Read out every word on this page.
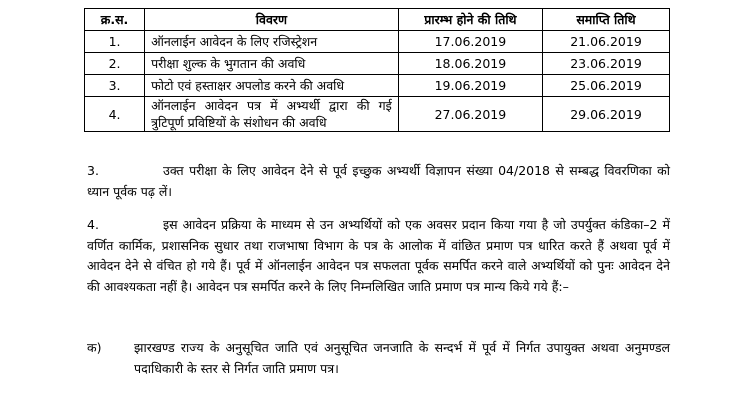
क्र.स.	विवरण	प्रारम्भ होने की तिथि	समाप्ति तिथि
1.	ऑनलाईन आवेदन के लिए रजिस्ट्रेशन	17.06.2019	21.06.2019
2.	परीक्षा शुल्क के भुगतान की अवधि	18.06.2019	23.06.2019
3.	फोटो एवं हस्ताक्षर अपलोड करने की अवधि	19.06.2019	25.06.2019
4.	ऑनलाईन आवेदन पत्र में अभ्यर्थी द्वारा की गई त्रुटिपूर्ण प्रविष्टियों के संशोधन की अवधि	27.06.2019	29.06.2019

3.	उक्त परीक्षा के लिए आवेदन देने से पूर्व इच्छुक अभ्यर्थी विज्ञापन संख्या 04/2018 से सम्बद्ध विवरणिका को ध्यान पूर्वक पढ़ लें।

4.	इस आवेदन प्रक्रिया के माध्यम से उन अभ्यर्थियों को एक अवसर प्रदान किया गया है जो उपर्युक्त कंडिका–2 में वर्णित कार्मिक, प्रशासनिक सुधार तथा राजभाषा विभाग के पत्र के आलोक में वांछित प्रमाण पत्र धारित करते हैं अथवा पूर्व में आवेदन देने से वंचित हो गये हैं। पूर्व में ऑनलाईन आवेदन पत्र सफलता पूर्वक समर्पित करने वाले अभ्यर्थियों को पुनः आवेदन देने की आवश्यकता नहीं है। आवेदन पत्र समर्पित करने के लिए निम्नलिखित जाति प्रमाण पत्र मान्य किये गये हैं:–

क)	झारखण्ड राज्य के अनुसूचित जाति एवं अनुसूचित जनजाति के सन्दर्भ में पूर्व में निर्गत उपायुक्त अथवा अनुमण्डल पदाधिकारी के स्तर से निर्गत जाति प्रमाण पत्र।
